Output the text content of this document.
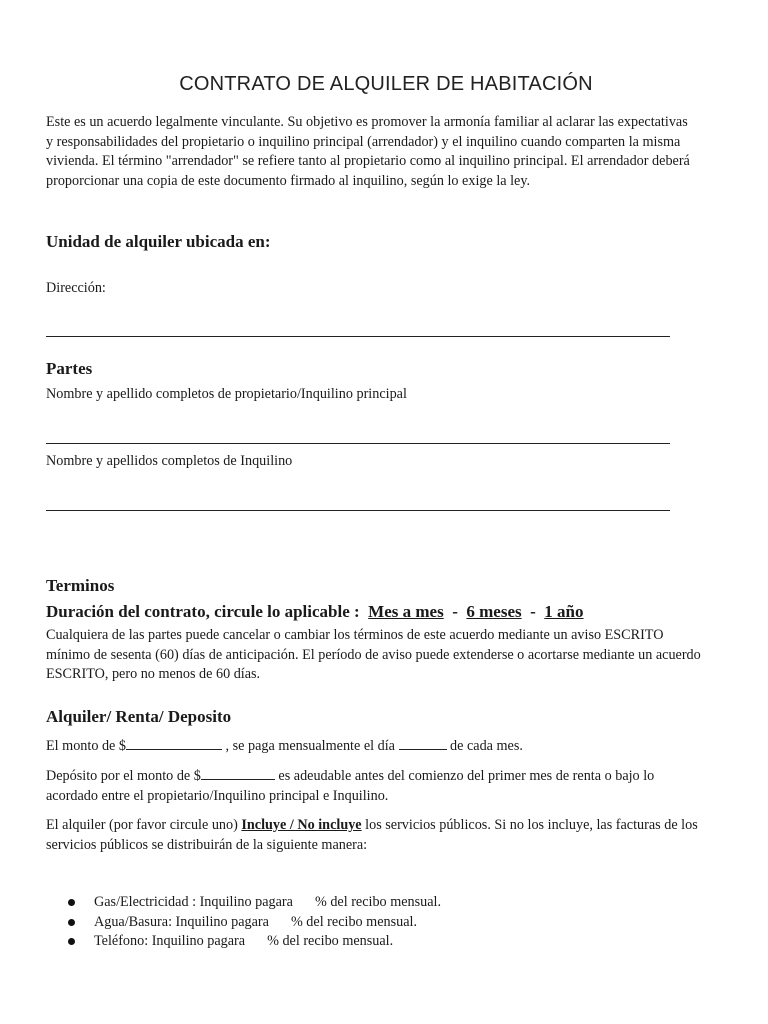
CONTRATO DE ALQUILER DE HABITACIÓN

Este es un acuerdo legalmente vinculante. Su objetivo es promover la armonía familiar al aclarar las expectativas y responsabilidades del propietario o inquilino principal (arrendador) y el inquilino cuando comparten la misma vivienda. El término "arrendador" se refiere tanto al propietario como al inquilino principal. El arrendador deberá proporcionar una copia de este documento firmado al inquilino, según lo exige la ley.

Unidad de alquiler ubicada en:
Dirección:
Partes
Nombre y apellido completos de propietario/Inquilino principal
Nombre y apellidos completos de Inquilino
Terminos
Duración del contrato, circule lo aplicable : Mes a mes - 6 meses - 1 año

Cualquiera de las partes puede cancelar o cambiar los términos de este acuerdo mediante un aviso ESCRITO mínimo de sesenta (60) días de anticipación. El período de aviso puede extenderse o acortarse mediante un acuerdo ESCRITO, pero no menos de 60 días.

Alquiler/ Renta/ Deposito
El monto de $	, se paga mensualmente el día	de cada mes.

Depósito por el monto de $	es adeudable antes del comienzo del primer mes de renta o bajo lo acordado entre el propietario/Inquilino principal e Inquilino.

El alquiler (por favor circule uno) Incluye / No incluye los servicios públicos. Si no los incluye, las facturas de los servicios públicos se distribuirán de la siguiente manera:

Gas/Electricidad : Inquilino pagara % del recibo mensual.
Agua/Basura: Inquilino pagara % del recibo mensual.
Teléfono: Inquilino pagara % del recibo mensual.
